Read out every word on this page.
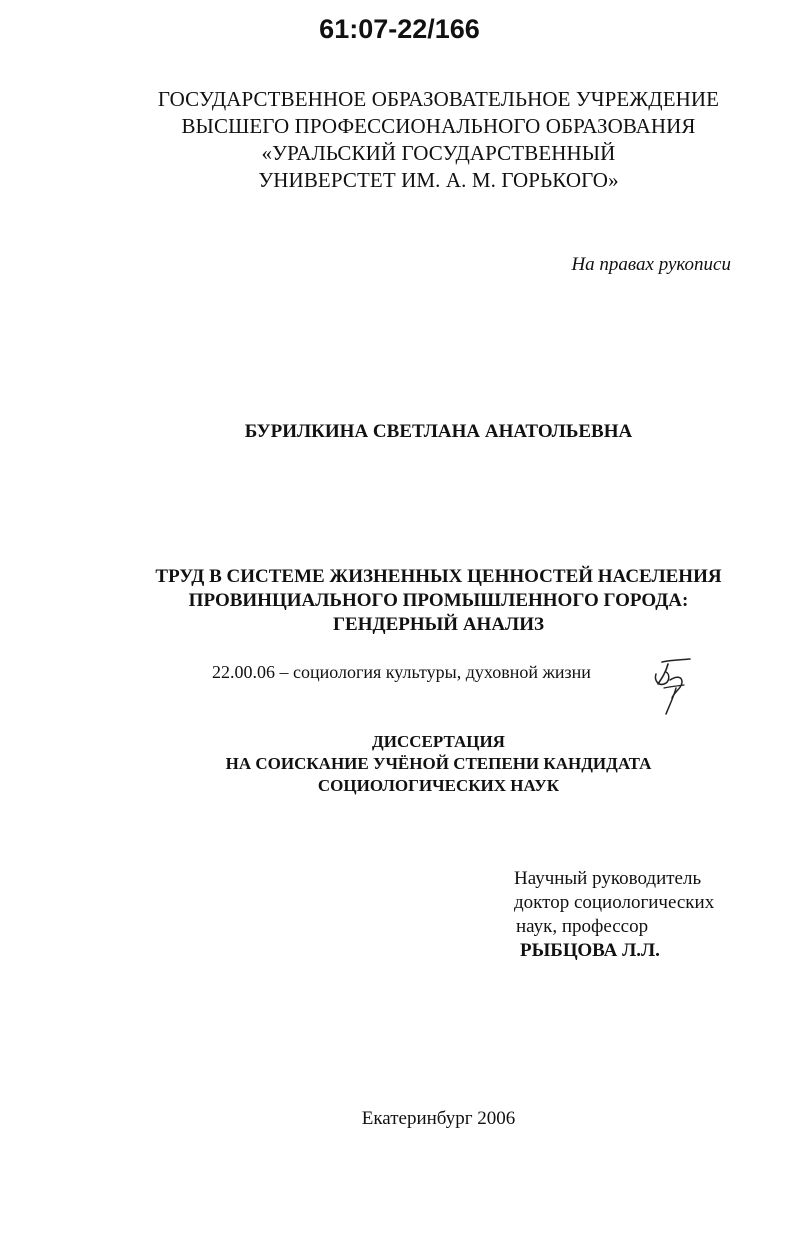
61:07-22/166
ГОСУДАРСТВЕННОЕ ОБРАЗОВАТЕЛЬНОЕ УЧРЕЖДЕНИЕ
ВЫСШЕГО ПРОФЕССИОНАЛЬНОГО ОБРАЗОВАНИЯ
«УРАЛЬСКИЙ ГОСУДАРСТВЕННЫЙ
УНИВЕРСТЕТ ИМ. А. М. ГОРЬКОГО»
На правах рукописи
БУРИЛКИНА СВЕТЛАНА АНАТОЛЬЕВНА
ТРУД В СИСТЕМЕ ЖИЗНЕННЫХ ЦЕННОСТЕЙ НАСЕЛЕНИЯ
ПРОВИНЦИАЛЬНОГО ПРОМЫШЛЕННОГО ГОРОДА:
ГЕНДЕРНЫЙ АНАЛИЗ
22.00.06 – социология культуры, духовной жизни
ДИССЕРТАЦИЯ
НА СОИСКАНИЕ УЧЁНОЙ СТЕПЕНИ КАНДИДАТА
СОЦИОЛОГИЧЕСКИХ НАУК
Научный руководитель
доктор социологических
наук, профессор
РЫБЦОВА Л.Л.
Екатеринбург 2006
